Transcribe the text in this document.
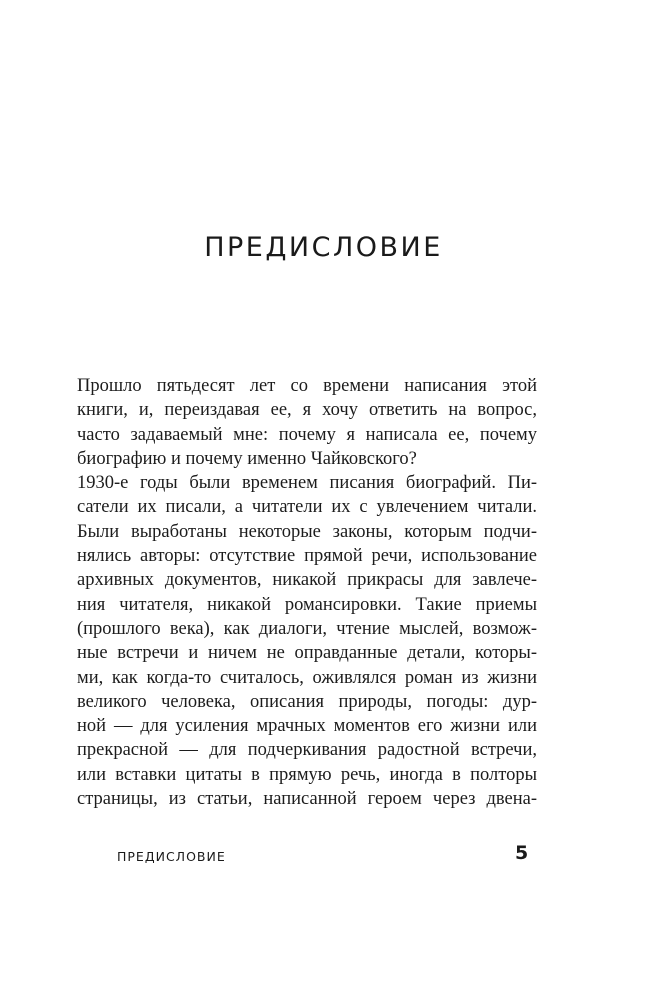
ПРЕДИСЛОВИЕ
Прошло пятьдесят лет со времени написания этой
книги, и, переиздавая ее, я хочу ответить на вопрос,
часто задаваемый мне: почему я написала ее, почему
биографию и почему именно Чайковского?
1930-е годы были временем писания биографий. Пи-
сатели их писали, а читатели их с увлечением читали.
Были выработаны некоторые законы, которым подчи-
нялись авторы: отсутствие прямой речи, использование
архивных документов, никакой прикрасы для завлече-
ния читателя, никакой романсировки. Такие приемы
(прошлого века), как диалоги, чтение мыслей, возмож-
ные встречи и ничем не оправданные детали, которы-
ми, как когда-то считалось, оживлялся роман из жизни
великого человека, описания природы, погоды: дур-
ной — для усиления мрачных моментов его жизни или
прекрасной — для подчеркивания радостной встречи,
или вставки цитаты в прямую речь, иногда в полторы
страницы, из статьи, написанной героем через двена-
ПРЕДИСЛОВИЕ	5
